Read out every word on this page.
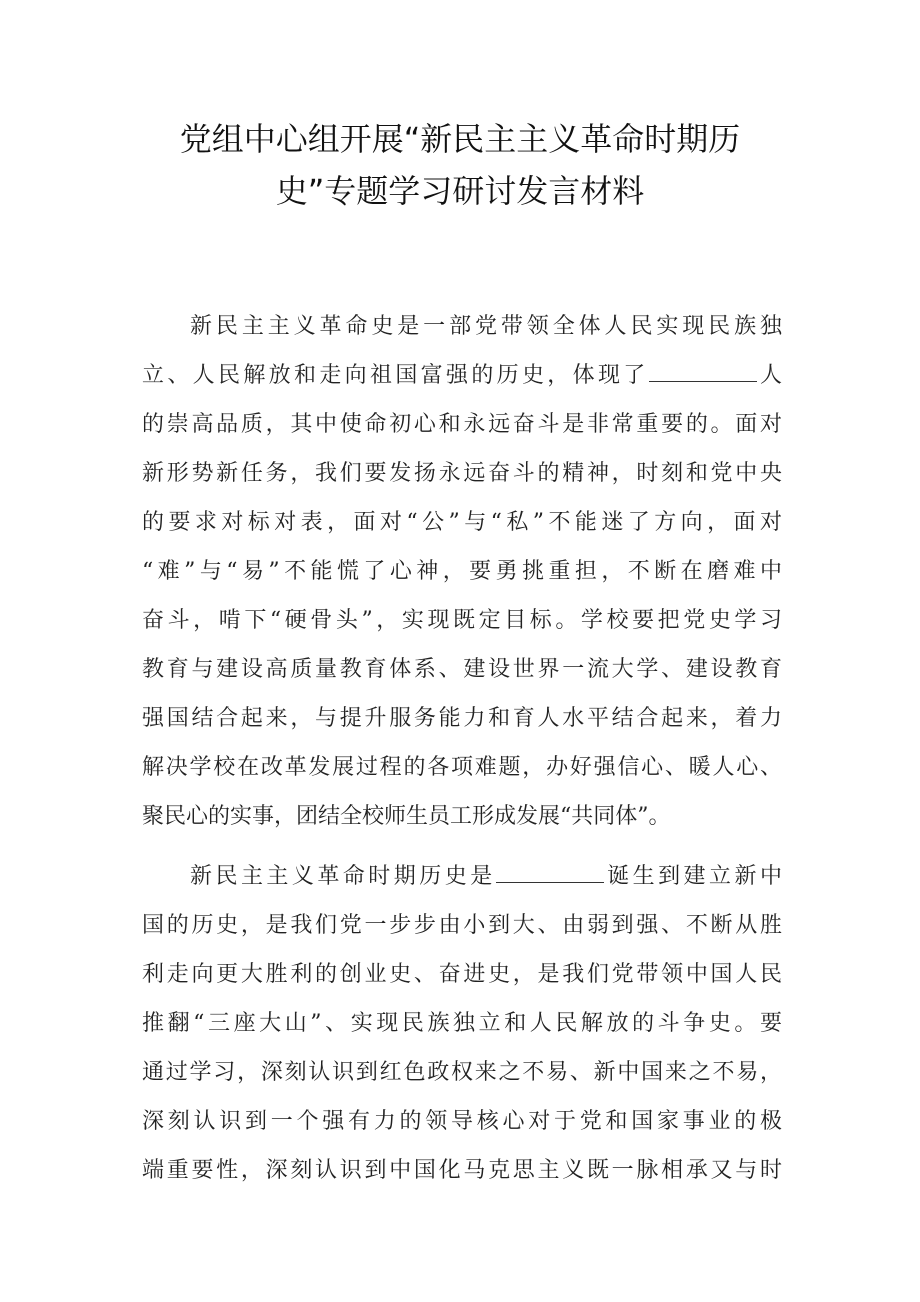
党组中心组开展“新民主主义革命时期历
史”专题学习研讨发言材料
新民主主义革命史是一部党带领全体人民实现民族独
立、人民解放和走向祖国富强的历史，体现了	人
的崇高品质，其中使命初心和永远奋斗是非常重要的。面对
新形势新任务，我们要发扬永远奋斗的精神，时刻和党中央
的要求对标对表，面对“公”与“私”不能迷了方向，面对
“难”与“易”不能慌了心神，要勇挑重担，不断在磨难中
奋斗，啃下“硬骨头”，实现既定目标。学校要把党史学习
教育与建设高质量教育体系、建设世界一流大学、建设教育
强国结合起来，与提升服务能力和育人水平结合起来，着力
解决学校在改革发展过程的各项难题，办好强信心、暖人心、
聚民心的实事，团结全校师生员工形成发展“共同体”。
新民主主义革命时期历史是	诞生到建立新中
国的历史，是我们党一步步由小到大、由弱到强、不断从胜
利走向更大胜利的创业史、奋进史，是我们党带领中国人民
推翻“三座大山”、实现民族独立和人民解放的斗争史。要
通过学习，深刻认识到红色政权来之不易、新中国来之不易，
深刻认识到一个强有力的领导核心对于党和国家事业的极
端重要性，深刻认识到中国化马克思主义既一脉相承又与时
